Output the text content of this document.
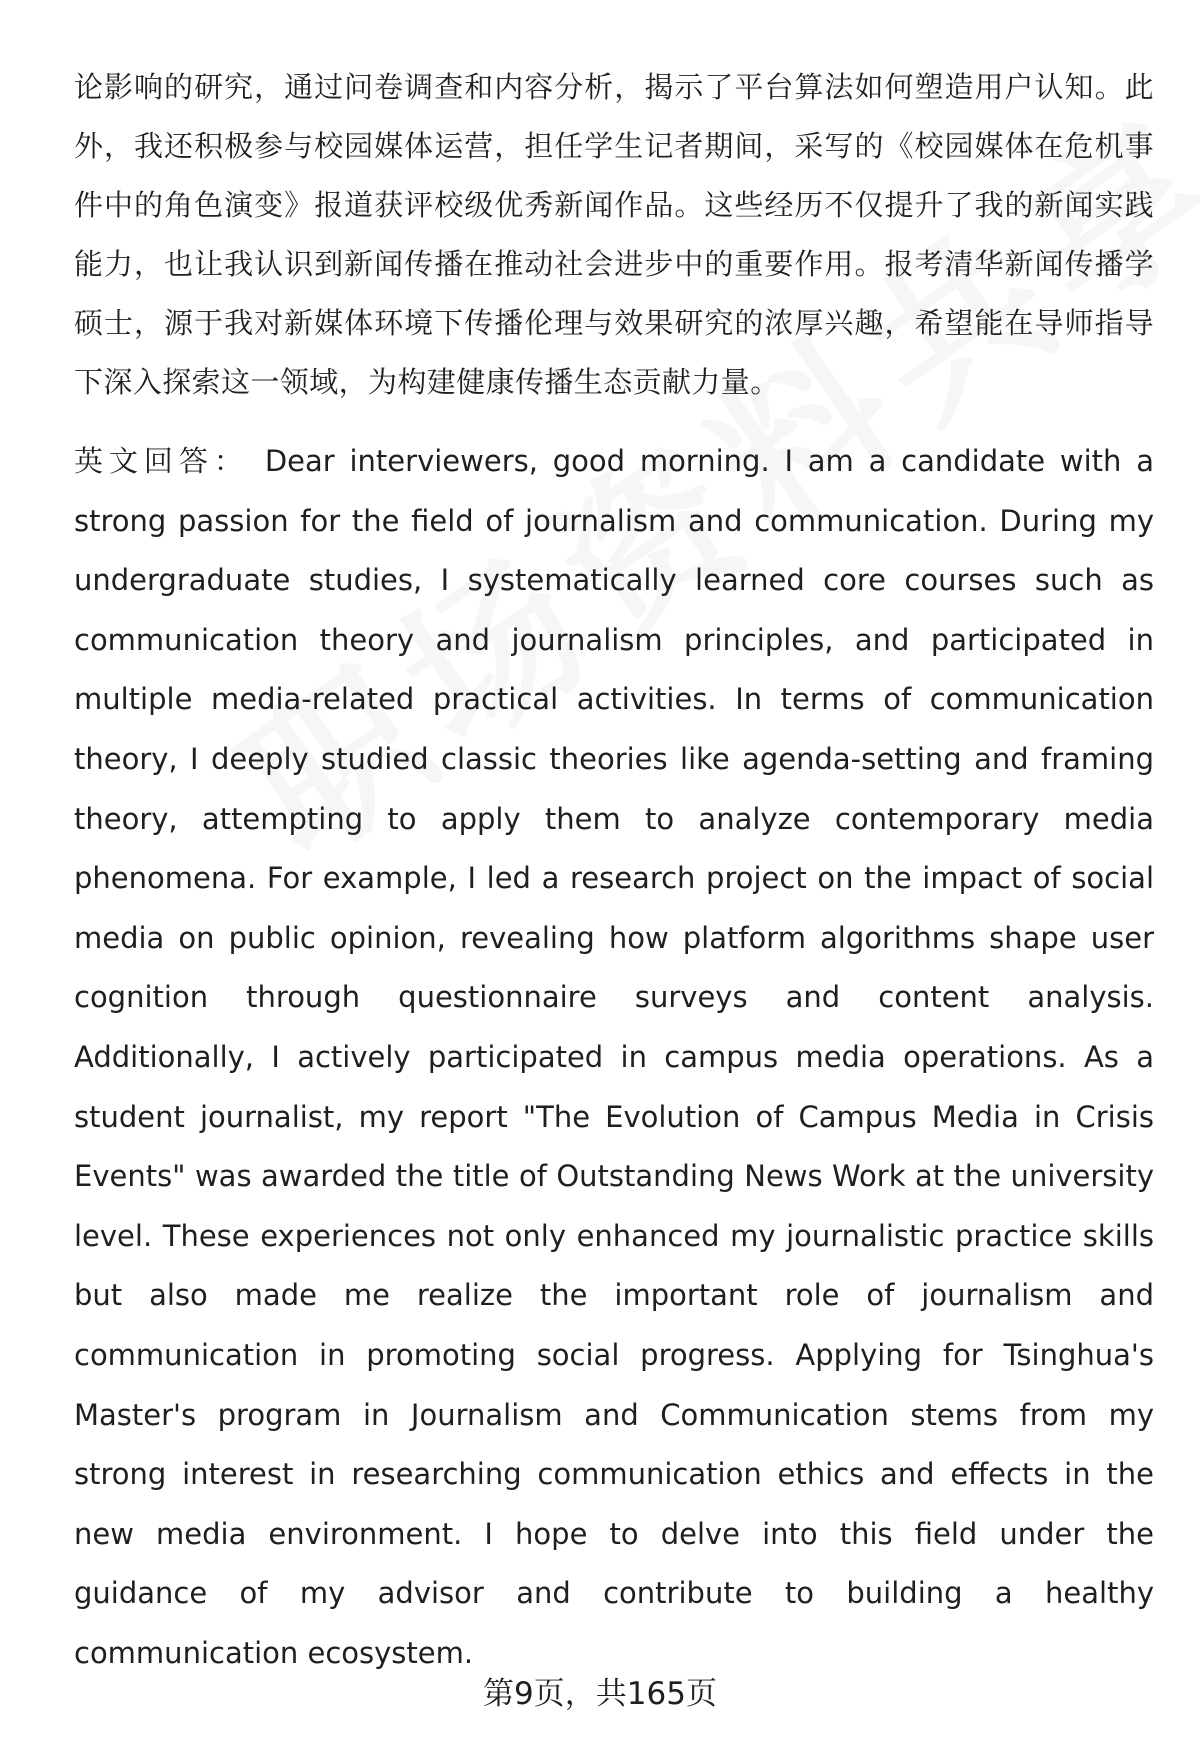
论影响的研究，通过问卷调查和内容分析，揭示了平台算法如何塑造用户认知。此外，我还积极参与校园媒体运营，担任学生记者期间，采写的《校园媒体在危机事件中的角色演变》报道获评校级优秀新闻作品。这些经历不仅提升了我的新闻实践能力，也让我认识到新闻传播在推动社会进步中的重要作用。报考清华新闻传播学硕士，源于我对新媒体环境下传播伦理与效果研究的浓厚兴趣，希望能在导师指导下深入探索这一领域，为构建健康传播生态贡献力量。

英文回答： Dear interviewers, good morning. I am a candidate with a strong passion for the field of journalism and communication. During my undergraduate studies, I systematically learned core courses such as communication theory and journalism principles, and participated in multiple media-related practical activities. In terms of communication theory, I deeply studied classic theories like agenda-setting and framing theory, attempting to apply them to analyze contemporary media phenomena. For example, I led a research project on the impact of social media on public opinion, revealing how platform algorithms shape user cognition through questionnaire surveys and content analysis. Additionally, I actively participated in campus media operations. As a student journalist, my report "The Evolution of Campus Media in Crisis Events" was awarded the title of Outstanding News Work at the university level. These experiences not only enhanced my journalistic practice skills but also made me realize the important role of journalism and communication in promoting social progress. Applying for Tsinghua's Master's program in Journalism and Communication stems from my strong interest in researching communication ethics and effects in the new media environment. I hope to delve into this field under the guidance of my advisor and contribute to building a healthy communication ecosystem.

第9页，共165页
